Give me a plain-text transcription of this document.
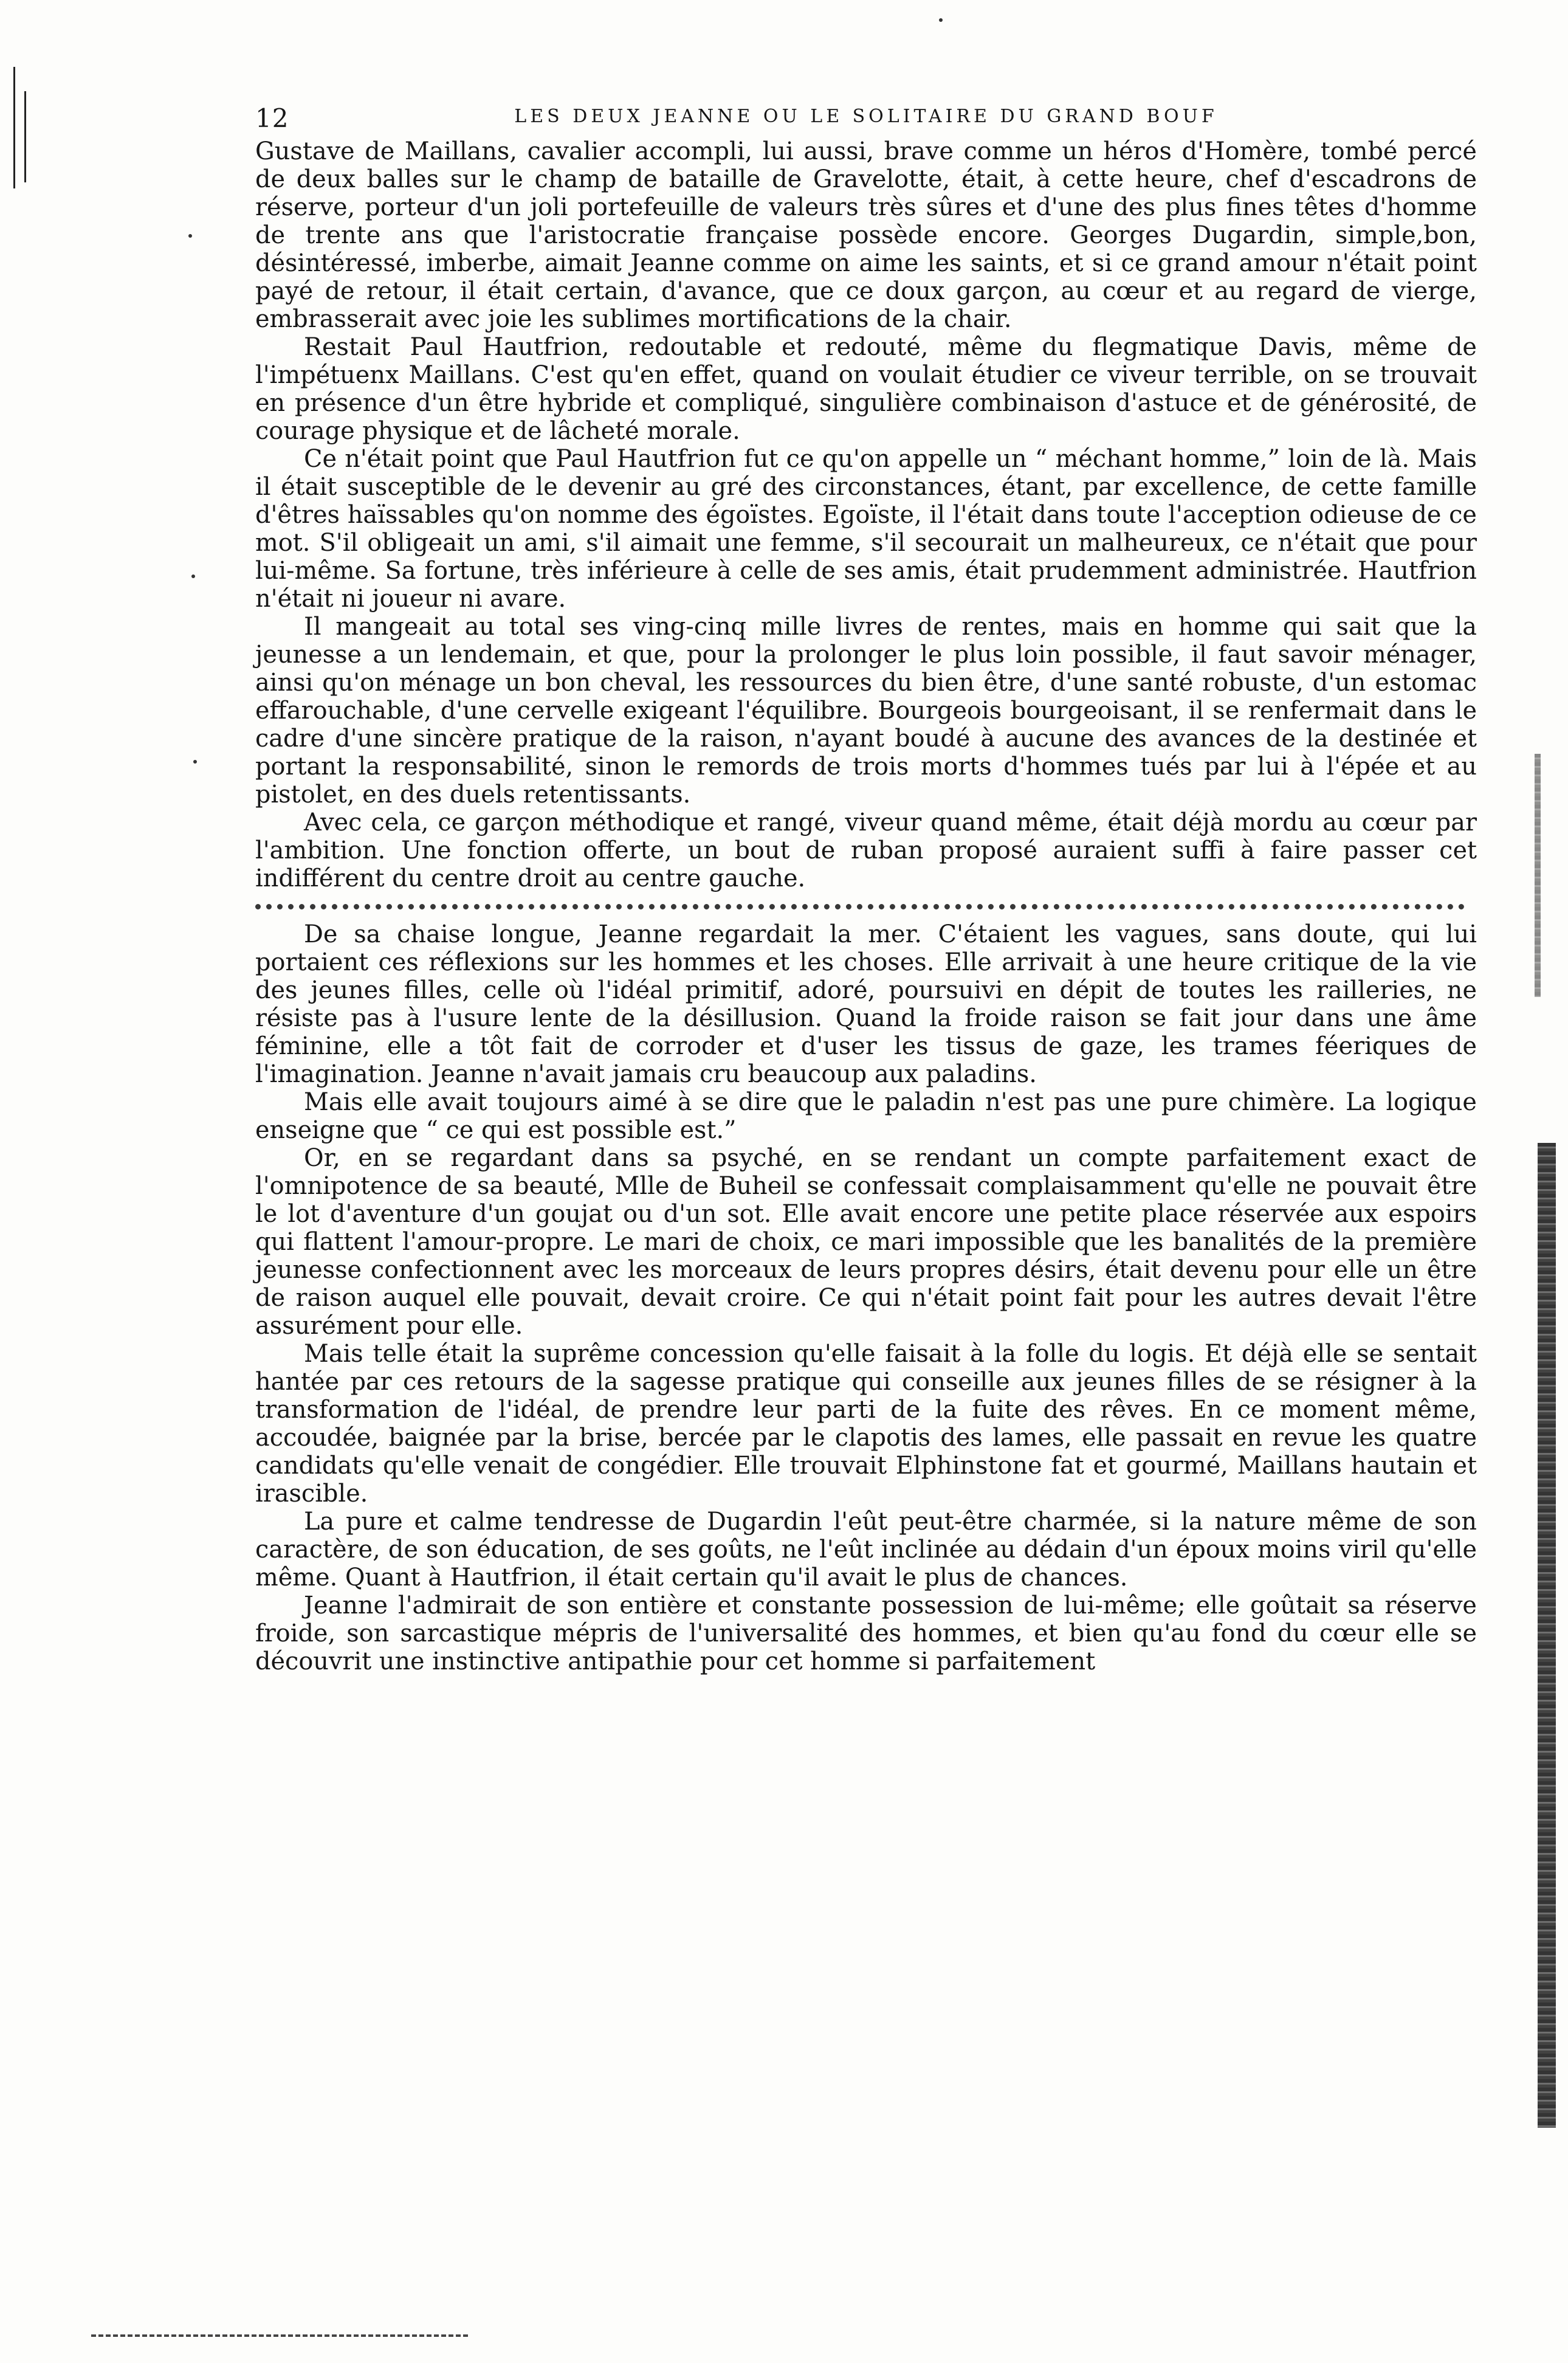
12	LES DEUX JEANNE OU LE SOLITAIRE DU GRAND BOUF

Gustave de Maillans, cavalier accompli, lui aussi, brave comme un héros d'Homère, tombé percé de deux balles sur le champ de bataille de Gravelotte, était, à cette heure, chef d'escadrons de réserve, porteur d'un joli portefeuille de valeurs très sûres et d'une des plus fines têtes d'homme de trente ans que l'aristocratie française possède encore. Georges Dugardin, simple,bon, désintéressé, imberbe, aimait Jeanne comme on aime les saints, et si ce grand amour n'était point payé de retour, il était certain, d'avance, que ce doux garçon, au cœur et au regard de vierge, embrasserait avec joie les sublimes mortifications de la chair.

Restait Paul Hautfrion, redoutable et redouté, même du flegmatique Davis, même de l'impétuenx Maillans. C'est qu'en effet, quand on voulait étudier ce viveur terrible, on se trouvait en présence d'un être hybride et compliqué, singulière combinaison d'astuce et de générosité, de courage physique et de lâcheté morale.

Ce n'était point que Paul Hautfrion fut ce qu'on appelle un “ méchant homme,” loin de là. Mais il était susceptible de le devenir au gré des circonstances, étant, par excellence, de cette famille d'êtres haïssables qu'on nomme des égoïstes. Egoïste, il l'était dans toute l'acception odieuse de ce mot. S'il obligeait un ami, s'il aimait une femme, s'il secourait un malheureux, ce n'était que pour lui-même. Sa fortune, très inférieure à celle de ses amis, était prudemment administrée. Hautfrion n'était ni joueur ni avare.

Il mangeait au total ses ving-cinq mille livres de rentes, mais en homme qui sait que la jeunesse a un lendemain, et que, pour la prolonger le plus loin possible, il faut savoir ménager, ainsi qu'on ménage un bon cheval, les ressources du bien être, d'une santé robuste, d'un estomac effarouchable, d'une cervelle exigeant l'équilibre. Bourgeois bourgeoisant, il se renfermait dans le cadre d'une sincère pratique de la raison, n'ayant boudé à aucune des avances de la destinée et portant la responsabilité, sinon le remords de trois morts d'hommes tués par lui à l'épée et au pistolet, en des duels retentissants.

Avec cela, ce garçon méthodique et rangé, viveur quand même, était déjà mordu au cœur par l'ambition. Une fonction offerte, un bout de ruban proposé auraient suffi à faire passer cet indifférent du centre droit au centre gauche.

De sa chaise longue, Jeanne regardait la mer. C'étaient les vagues, sans doute, qui lui portaient ces réflexions sur les hommes et les choses. Elle arrivait à une heure critique de la vie des jeunes filles, celle où l'idéal primitif, adoré, poursuivi en dépit de toutes les railleries, ne résiste pas à l'usure lente de la désillusion. Quand la froide raison se fait jour dans une âme féminine, elle a tôt fait de corroder et d'user les tissus de gaze, les trames féeriques de l'imagination. Jeanne n'avait jamais cru beaucoup aux paladins.

Mais elle avait toujours aimé à se dire que le paladin n'est pas une pure chimère. La logique enseigne que “ ce qui est possible est.”

Or, en se regardant dans sa psyché, en se rendant un compte parfaitement exact de l'omnipotence de sa beauté, Mlle de Buheil se confessait complaisamment qu'elle ne pouvait être le lot d'aventure d'un goujat ou d'un sot. Elle avait encore une petite place réservée aux espoirs qui flattent l'amour-propre. Le mari de choix, ce mari impossible que les banalités de la première jeunesse confectionnent avec les morceaux de leurs propres désirs, était devenu pour elle un être de raison auquel elle pouvait, devait croire. Ce qui n'était point fait pour les autres devait l'être assurément pour elle.

Mais telle était la suprême concession qu'elle faisait à la folle du logis. Et déjà elle se sentait hantée par ces retours de la sagesse pratique qui conseille aux jeunes filles de se résigner à la transformation de l'idéal, de prendre leur parti de la fuite des rêves. En ce moment même, accoudée, baignée par la brise, bercée par le clapotis des lames, elle passait en revue les quatre candidats qu'elle venait de congédier. Elle trouvait Elphinstone fat et gourmé, Maillans hautain et irascible.

La pure et calme tendresse de Dugardin l'eût peut-être charmée, si la nature même de son caractère, de son éducation, de ses goûts, ne l'eût inclinée au dédain d'un époux moins viril qu'elle même. Quant à Hautfrion, il était certain qu'il avait le plus de chances.

Jeanne l'admirait de son entière et constante possession de lui-même; elle goûtait sa réserve froide, son sarcastique mépris de l'universalité des hommes, et bien qu'au fond du cœur elle se découvrit une instinctive antipathie pour cet homme si parfaitement
